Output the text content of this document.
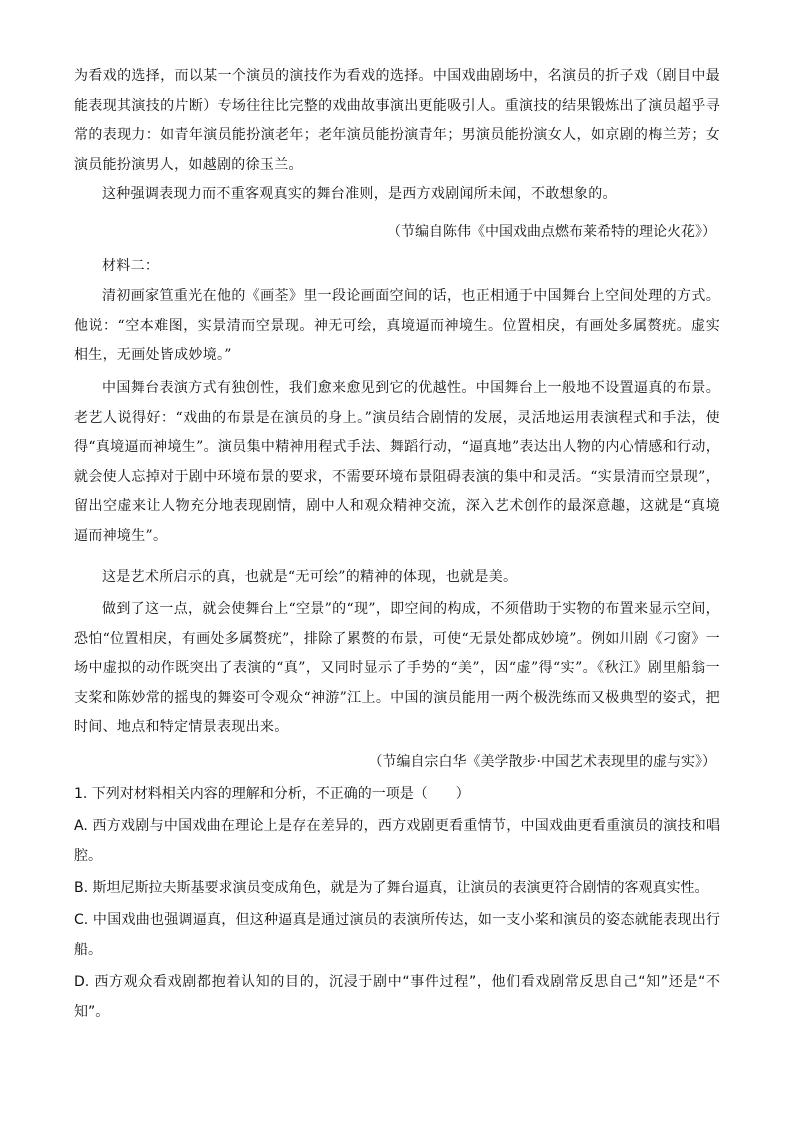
为看戏的选择，而以某一个演员的演技作为看戏的选择。中国戏曲剧场中，名演员的折子戏（剧目中最能表现其演技的片断）专场往往比完整的戏曲故事演出更能吸引人。重演技的结果锻炼出了演员超乎寻常的表现力：如青年演员能扮演老年；老年演员能扮演青年；男演员能扮演女人，如京剧的梅兰芳；女演员能扮演男人，如越剧的徐玉兰。

这种强调表现力而不重客观真实的舞台准则，是西方戏剧闻所未闻，不敢想象的。

（节编自陈伟《中国戏曲点燃布莱希特的理论火花》）

材料二：

清初画家笪重光在他的《画荃》里一段论画面空间的话，也正相通于中国舞台上空间处理的方式。他说：“空本难图，实景清而空景现。神无可绘，真境逼而神境生。位置相戾，有画处多属赘疣。虚实相生，无画处皆成妙境。”

中国舞台表演方式有独创性，我们愈来愈见到它的优越性。中国舞台上一般地不设置逼真的布景。老艺人说得好：“戏曲的布景是在演员的身上。”演员结合剧情的发展，灵活地运用表演程式和手法，使得“真境逼而神境生”。演员集中精神用程式手法、舞蹈行动，“逼真地”表达出人物的内心情感和行动，就会使人忘掉对于剧中环境布景的要求，不需要环境布景阻碍表演的集中和灵活。“实景清而空景现”，留出空虚来让人物充分地表现剧情，剧中人和观众精神交流，深入艺术创作的最深意趣，这就是“真境逼而神境生”。

这是艺术所启示的真，也就是“无可绘”的精神的体现，也就是美。

做到了这一点，就会使舞台上“空景”的“现”，即空间的构成，不须借助于实物的布置来显示空间，恐怕“位置相戾，有画处多属赘疣”，排除了累赘的布景，可使“无景处都成妙境”。例如川剧《刁窗》一场中虚拟的动作既突出了表演的“真”，又同时显示了手势的“美”，因“虚”得“实”。《秋江》剧里船翁一支桨和陈妙常的摇曳的舞姿可令观众“神游”江上。中国的演员能用一两个极洗练而又极典型的姿式，把时间、地点和特定情景表现出来。

（节编自宗白华《美学散步·中国艺术表现里的虚与实》）

1. 下列对材料相关内容的理解和分析，不正确的一项是（　　）

A. 西方戏剧与中国戏曲在理论上是存在差异的，西方戏剧更看重情节，中国戏曲更看重演员的演技和唱腔。

B. 斯坦尼斯拉夫斯基要求演员变成角色，就是为了舞台逼真，让演员的表演更符合剧情的客观真实性。

C. 中国戏曲也强调逼真，但这种逼真是通过演员的表演所传达，如一支小桨和演员的姿态就能表现出行船。

D. 西方观众看戏剧都抱着认知的目的，沉浸于剧中“事件过程”，他们看戏剧常反思自己“知”还是“不知”。
